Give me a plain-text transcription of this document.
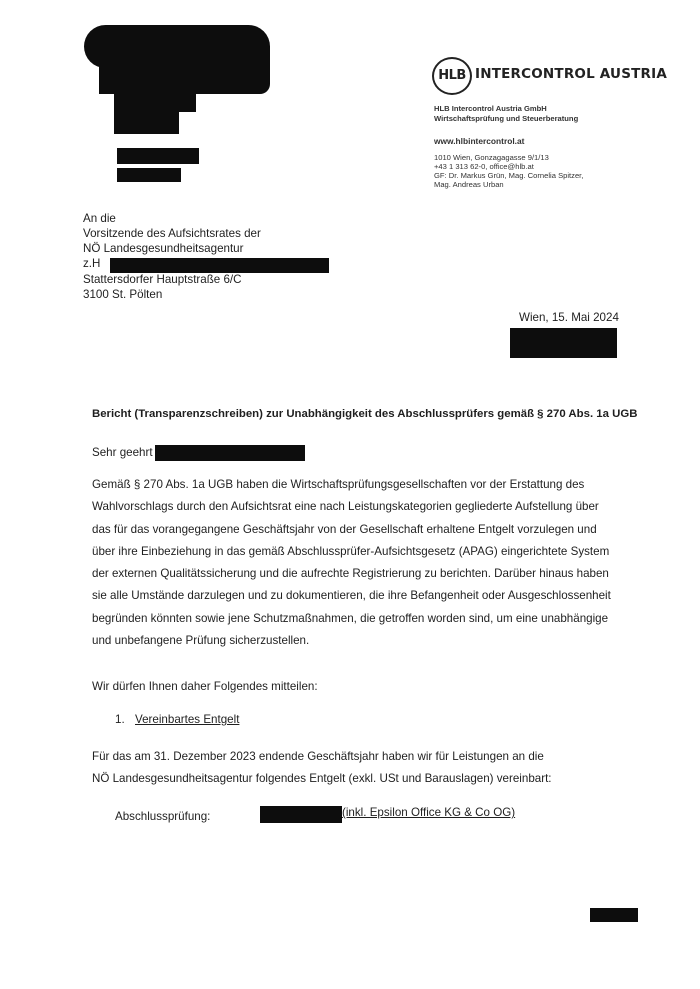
HLB INTERCONTROL AUSTRIA
HLB Intercontrol Austria GmbH
Wirtschaftsprüfung und Steuerberatung
www.hlbintercontrol.at
1010 Wien, Gonzagagasse 9/1/13
+43 1 313 62-0, office@hlb.at
GF: Dr. Markus Grün, Mag. Cornelia Spitzer,
Mag. Andreas Urban
An die
Vorsitzende des Aufsichtsrates der
NÖ Landesgesundheitsagentur
z.H
Stattersdorfer Hauptstraße 6/C
3100 St. Pölten
Wien, 15. Mai 2024
Bericht (Transparenzschreiben) zur Unabhängigkeit des Abschlussprüfers gemäß § 270 Abs. 1a UGB
Sehr geehrt
Gemäß § 270 Abs. 1a UGB haben die Wirtschaftsprüfungsgesellschaften vor der Erstattung des
Wahlvorschlags durch den Aufsichtsrat eine nach Leistungskategorien gegliederte Aufstellung über
das für das vorangegangene Geschäftsjahr von der Gesellschaft erhaltene Entgelt vorzulegen und
über ihre Einbeziehung in das gemäß Abschlussprüfer-Aufsichtsgesetz (APAG) eingerichtete System
der externen Qualitätssicherung und die aufrechte Registrierung zu berichten. Darüber hinaus haben
sie alle Umstände darzulegen und zu dokumentieren, die ihre Befangenheit oder Ausgeschlossenheit
begründen könnten sowie jene Schutzmaßnahmen, die getroffen worden sind, um eine unabhängige
und unbefangene Prüfung sicherzustellen.
Wir dürfen Ihnen daher Folgendes mitteilen:
1. Vereinbartes Entgelt
Für das am 31. Dezember 2023 endende Geschäftsjahr haben wir für Leistungen an die
NÖ Landesgesundheitsagentur folgendes Entgelt (exkl. USt und Barauslagen) vereinbart:
Abschlussprüfung:	(inkl. Epsilon Office KG & Co OG)
